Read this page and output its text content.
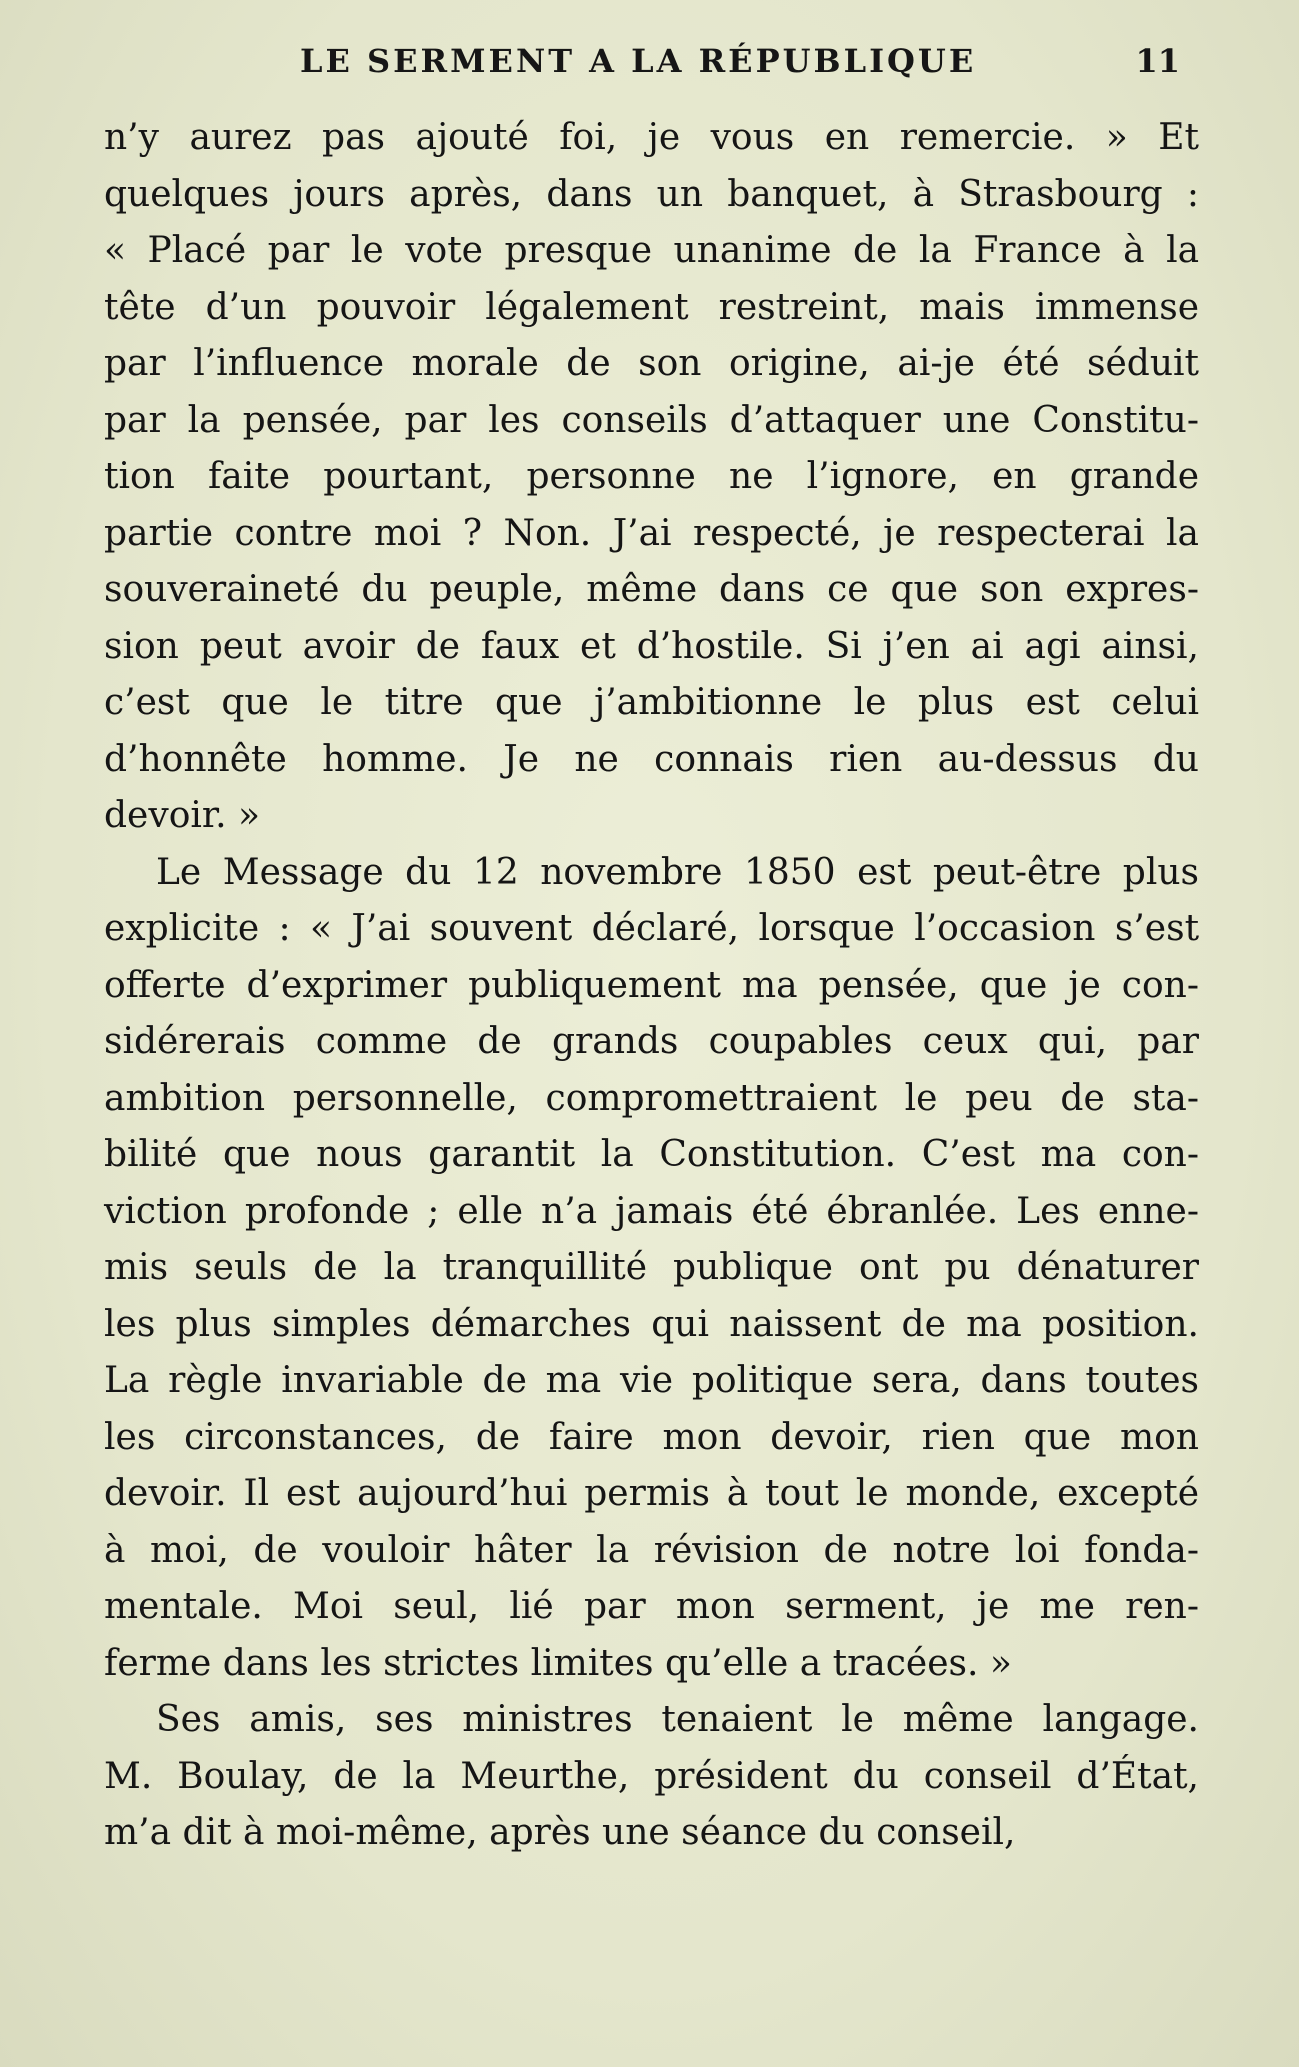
LE SERMENT A LA RÉPUBLIQUE	11
n’y aurez pas ajouté foi, je vous en remercie. » Et
quelques jours après, dans un banquet, à Strasbourg :
« Placé par le vote presque unanime de la France à la
tête d’un pouvoir légalement restreint, mais immense
par l’influence morale de son origine, ai-je été séduit
par la pensée, par les conseils d’attaquer une Constitu-
tion faite pourtant, personne ne l’ignore, en grande
partie contre moi ? Non. J’ai respecté, je respecterai la
souveraineté du peuple, même dans ce que son expres-
sion peut avoir de faux et d’hostile. Si j’en ai agi ainsi,
c’est que le titre que j’ambitionne le plus est celui
d’honnête homme. Je ne connais rien au-dessus du
devoir. »
Le Message du 12 novembre 1850 est peut-être plus
explicite : « J’ai souvent déclaré, lorsque l’occasion s’est
offerte d’exprimer publiquement ma pensée, que je con-
sidérerais comme de grands coupables ceux qui, par
ambition personnelle, compromettraient le peu de sta-
bilité que nous garantit la Constitution. C’est ma con-
viction profonde ; elle n’a jamais été ébranlée. Les enne-
mis seuls de la tranquillité publique ont pu dénaturer
les plus simples démarches qui naissent de ma position.
La règle invariable de ma vie politique sera, dans toutes
les circonstances, de faire mon devoir, rien que mon
devoir. Il est aujourd’hui permis à tout le monde, excepté
à moi, de vouloir hâter la révision de notre loi fonda-
mentale. Moi seul, lié par mon serment, je me ren-
ferme dans les strictes limites qu’elle a tracées. »
Ses amis, ses ministres tenaient le même langage.
M. Boulay, de la Meurthe, président du conseil d’État,
m’a dit à moi-même, après une séance du conseil,
